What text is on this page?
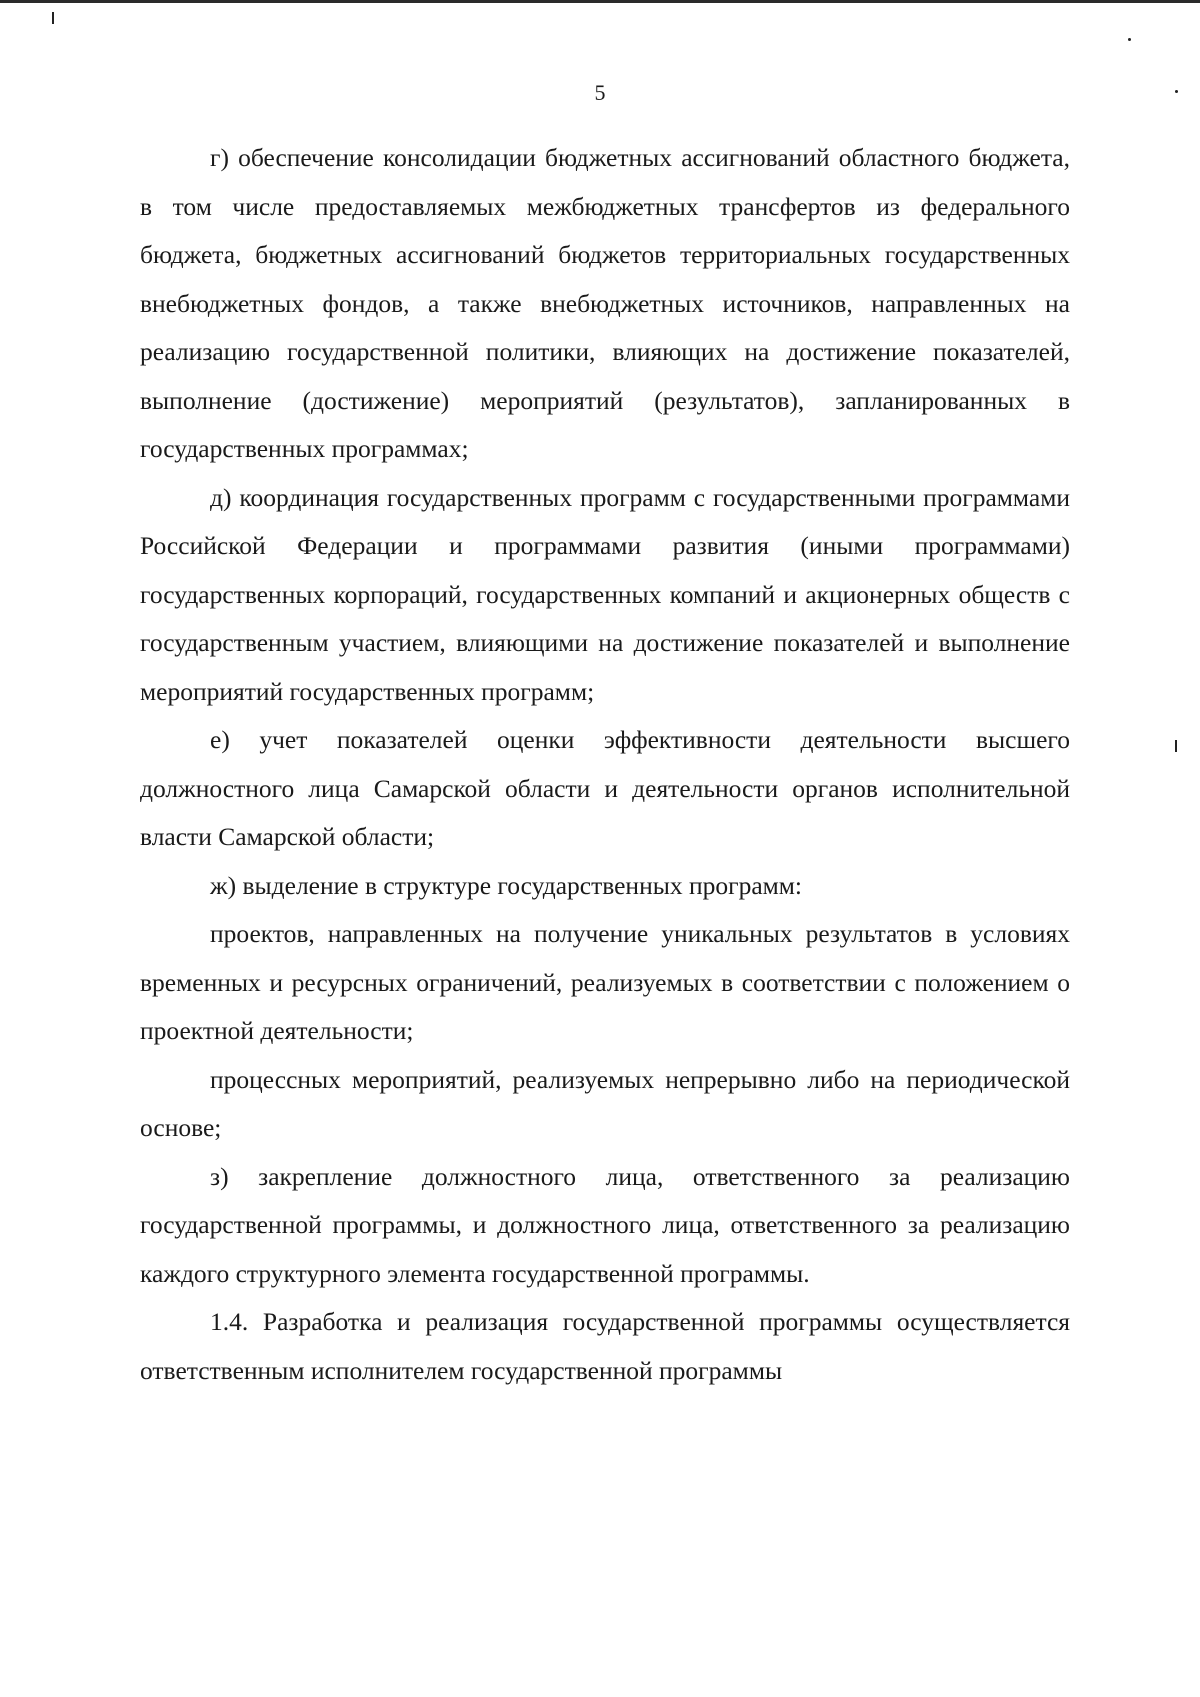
5

г) обеспечение консолидации бюджетных ассигнований областного бюджета, в том числе предоставляемых межбюджетных трансфертов из федерального бюджета, бюджетных ассигнований бюджетов территориальных государственных внебюджетных фондов, а также внебюджетных источников, направленных на реализацию государственной политики, влияющих на достижение показателей, выполнение (достижение) мероприятий (результатов), запланированных в государственных программах;

д) координация государственных программ с государственными программами Российской Федерации и программами развития (иными программами) государственных корпораций, государственных компаний и акционерных обществ с государственным участием, влияющими на достижение показателей и выполнение мероприятий государственных программ;

е) учет показателей оценки эффективности деятельности высшего должностного лица Самарской области и деятельности органов исполнительной власти Самарской области;

ж) выделение в структуре государственных программ:

проектов, направленных на получение уникальных результатов в условиях временных и ресурсных ограничений, реализуемых в соответствии с положением о проектной деятельности;

процессных мероприятий, реализуемых непрерывно либо на периодической основе;

з) закрепление должностного лица, ответственного за реализацию государственной программы, и должностного лица, ответственного за реализацию каждого структурного элемента государственной программы.

1.4. Разработка и реализация государственной программы осуществляется ответственным исполнителем государственной программы
